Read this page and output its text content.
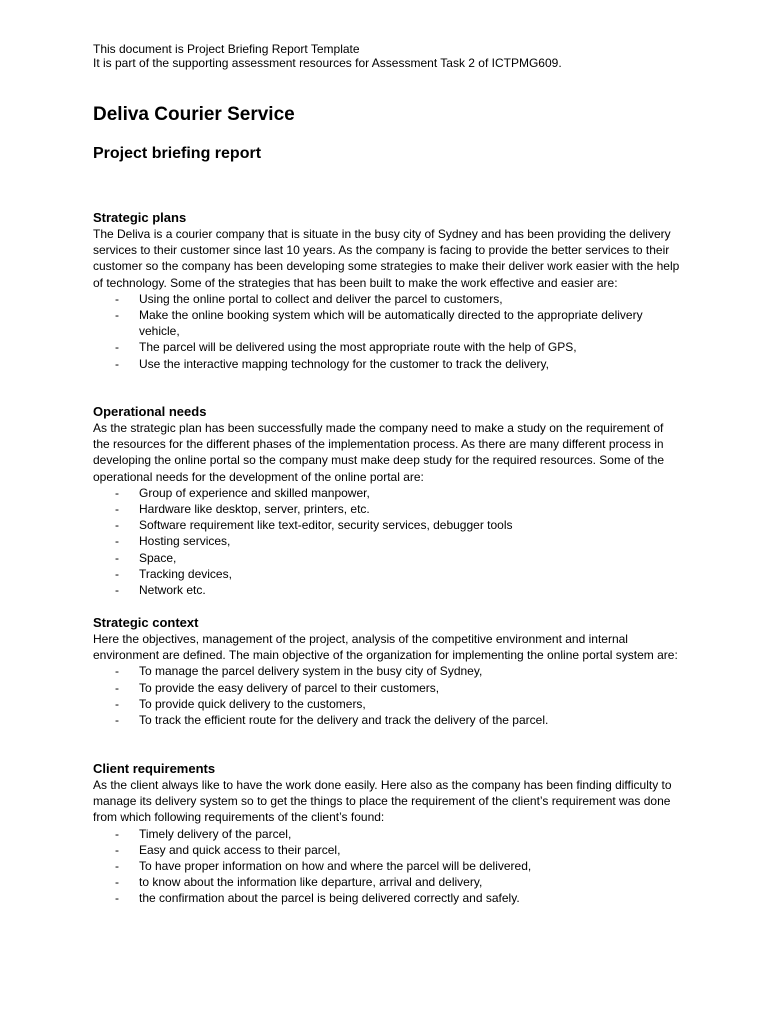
This document is Project Briefing Report Template

It is part of the supporting assessment resources for Assessment Task 2 of ICTPMG609.

Deliva Courier Service
Project briefing report
Strategic plans

The Deliva is a courier company that is situate in the busy city of Sydney and has been providing the delivery services to their customer since last 10 years. As the company is facing to provide the better services to their customer so the company has been developing some strategies to make their deliver work easier with the help of technology. Some of the strategies that has been built to make the work effective and easier are:

- Using the online portal to collect and deliver the parcel to customers,
- Make the online booking system which will be automatically directed to the appropriate delivery vehicle,
- The parcel will be delivered using the most appropriate route with the help of GPS,
- Use the interactive mapping technology for the customer to track the delivery,
Operational needs

As the strategic plan has been successfully made the company need to make a study on the requirement of the resources for the different phases of the implementation process. As there are many different process in developing the online portal so the company must make deep study for the required resources. Some of the operational needs for the development of the online portal are:

- Group of experience and skilled manpower,
- Hardware like desktop, server, printers, etc.
- Software requirement like text-editor, security services, debugger tools
- Hosting services,
- Space,
- Tracking devices,
- Network etc.
Strategic context

Here the objectives, management of the project, analysis of the competitive environment and internal environment are defined. The main objective of the organization for implementing the online portal system are:

- To manage the parcel delivery system in the busy city of Sydney,
- To provide the easy delivery of parcel to their customers,
- To provide quick delivery to the customers,
- To track the efficient route for the delivery and track the delivery of the parcel.
Client requirements

As the client always like to have the work done easily. Here also as the company has been finding difficulty to manage its delivery system so to get the things to place the requirement of the client’s requirement was done from which following requirements of the client’s found:

- Timely delivery of the parcel,
- Easy and quick access to their parcel,
- To have proper information on how and where the parcel will be delivered,
- to know about the information like departure, arrival and delivery,
- the confirmation about the parcel is being delivered correctly and safely.
